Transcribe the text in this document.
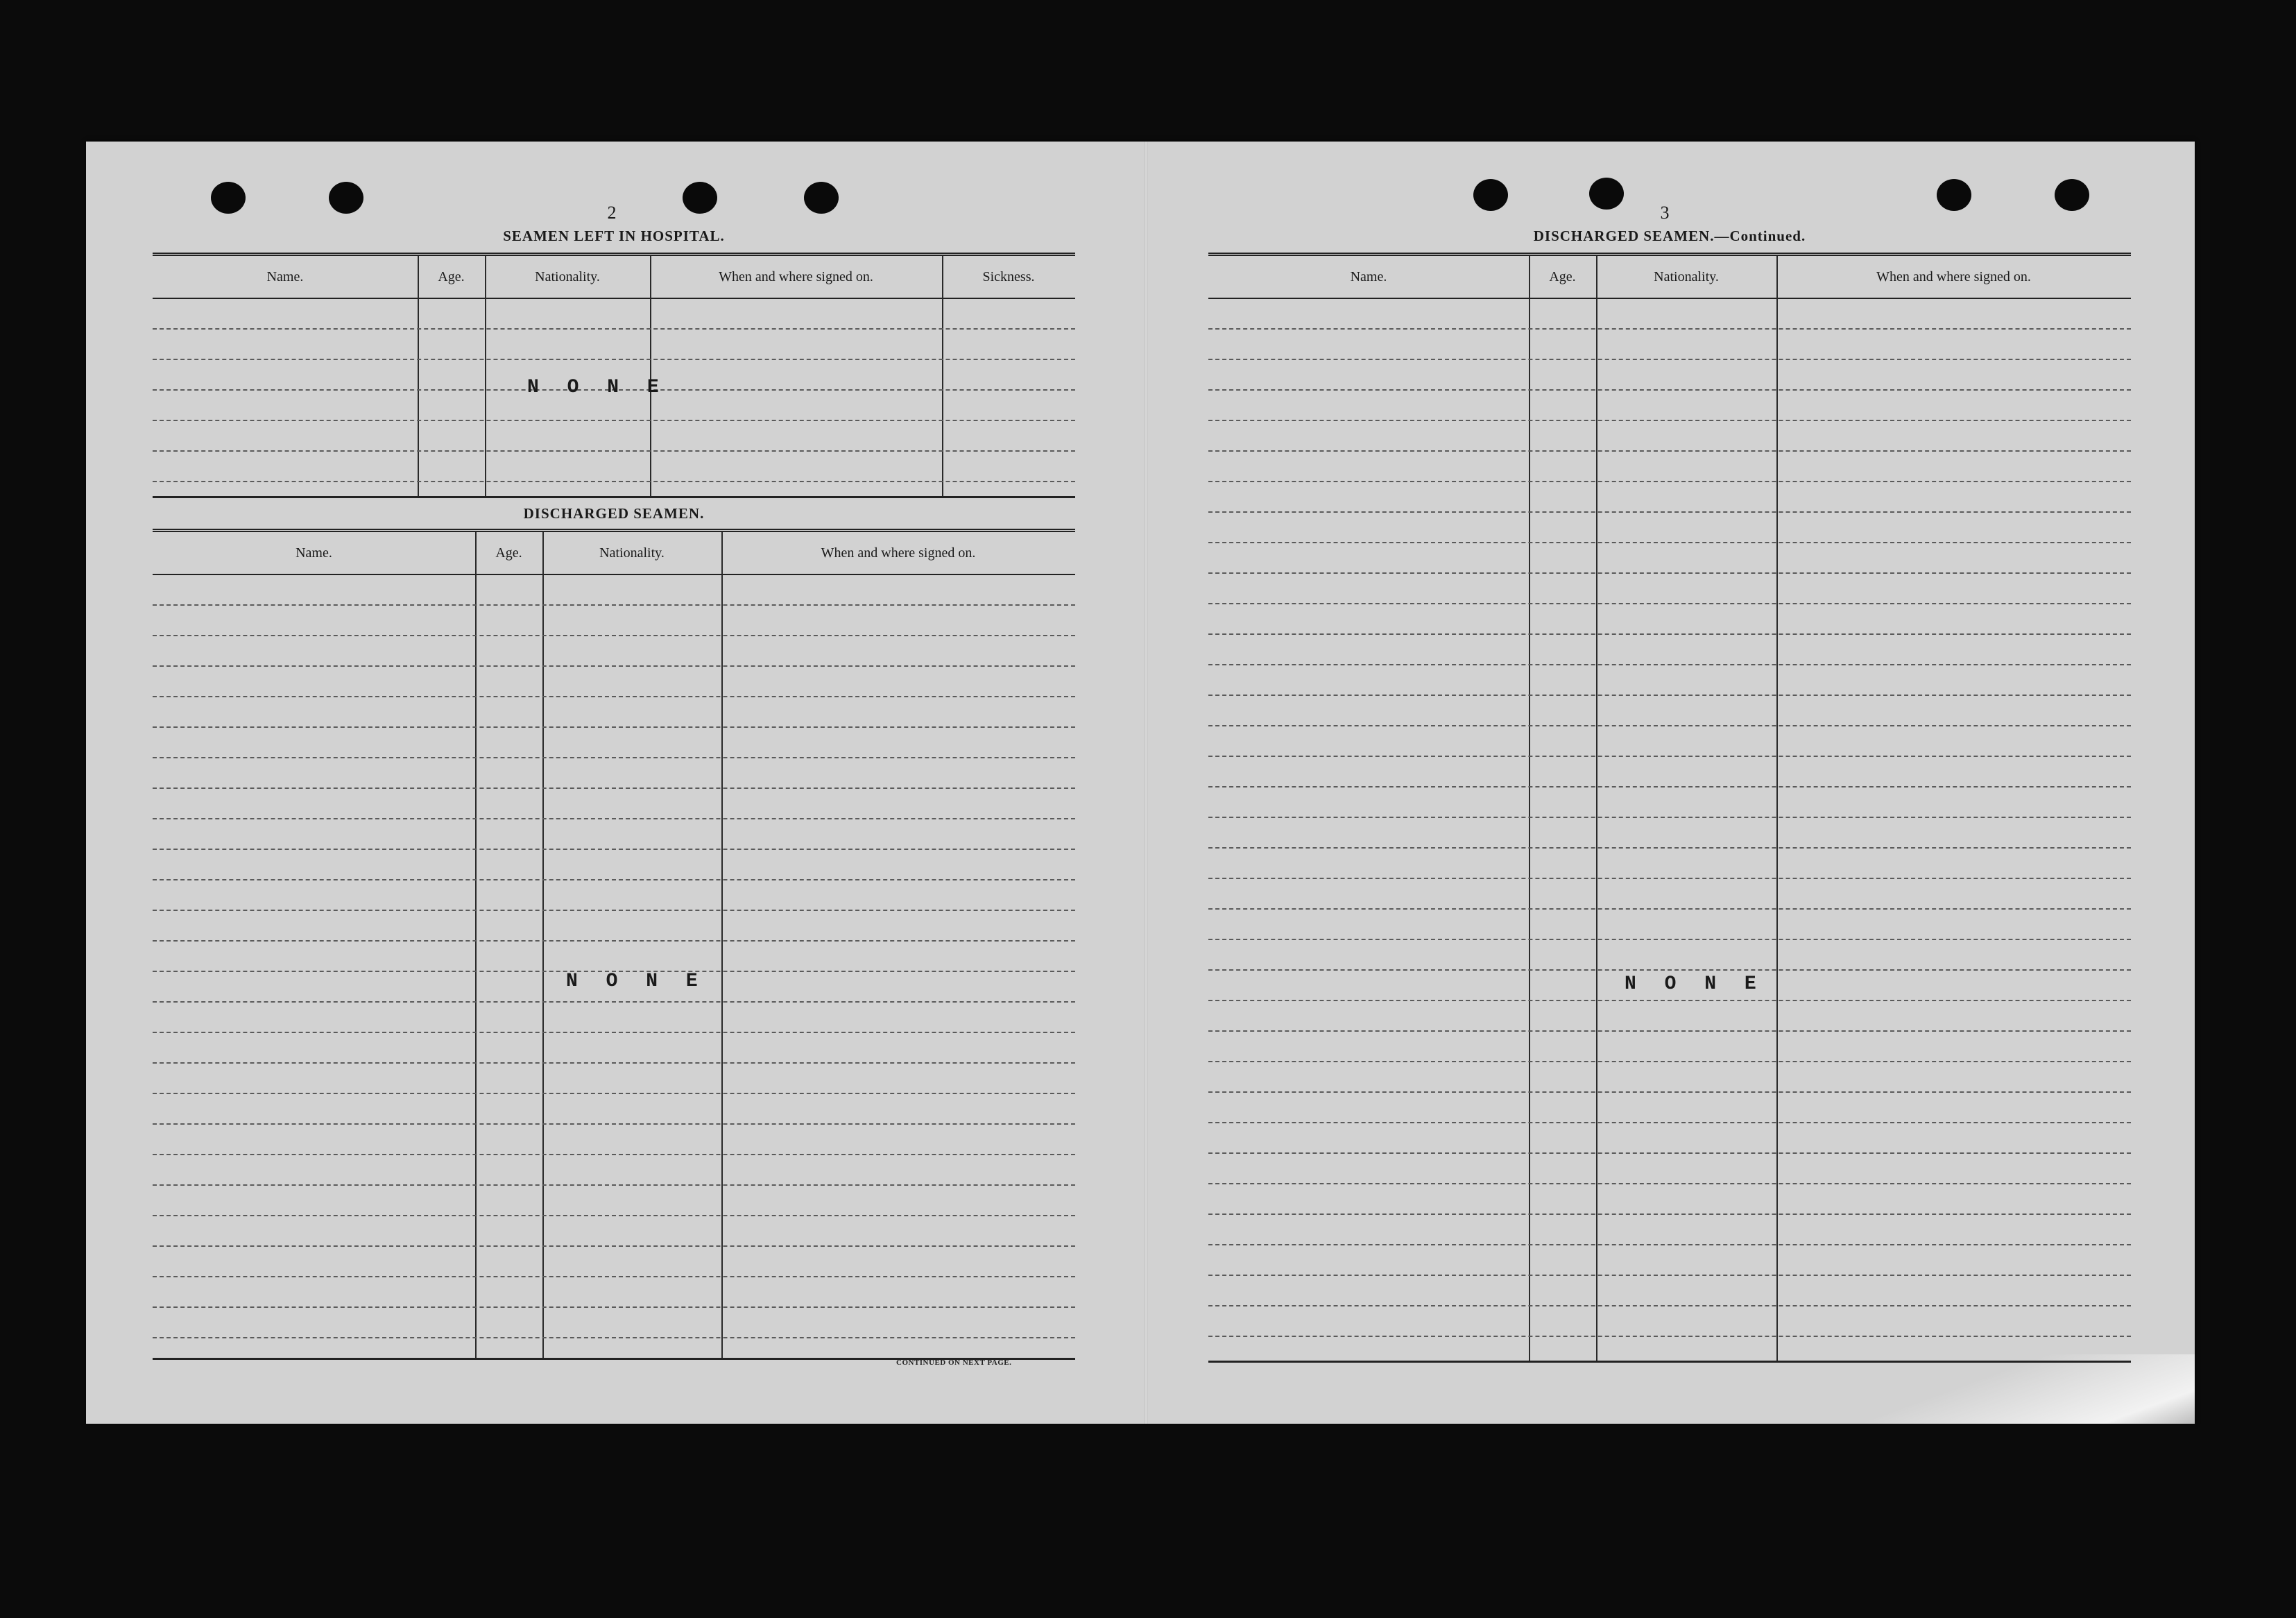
2
SEAMEN LEFT IN HOSPITAL.
Name.	Age.	Nationality.	When and where signed on.	Sickness.
N O N E
DISCHARGED SEAMEN.
Name.	Age.	Nationality.	When and where signed on.
N O N E
CONTINUED ON NEXT PAGE.
3
DISCHARGED SEAMEN.—Continued.
Name.	Age.	Nationality.	When and where signed on.
N O N E
